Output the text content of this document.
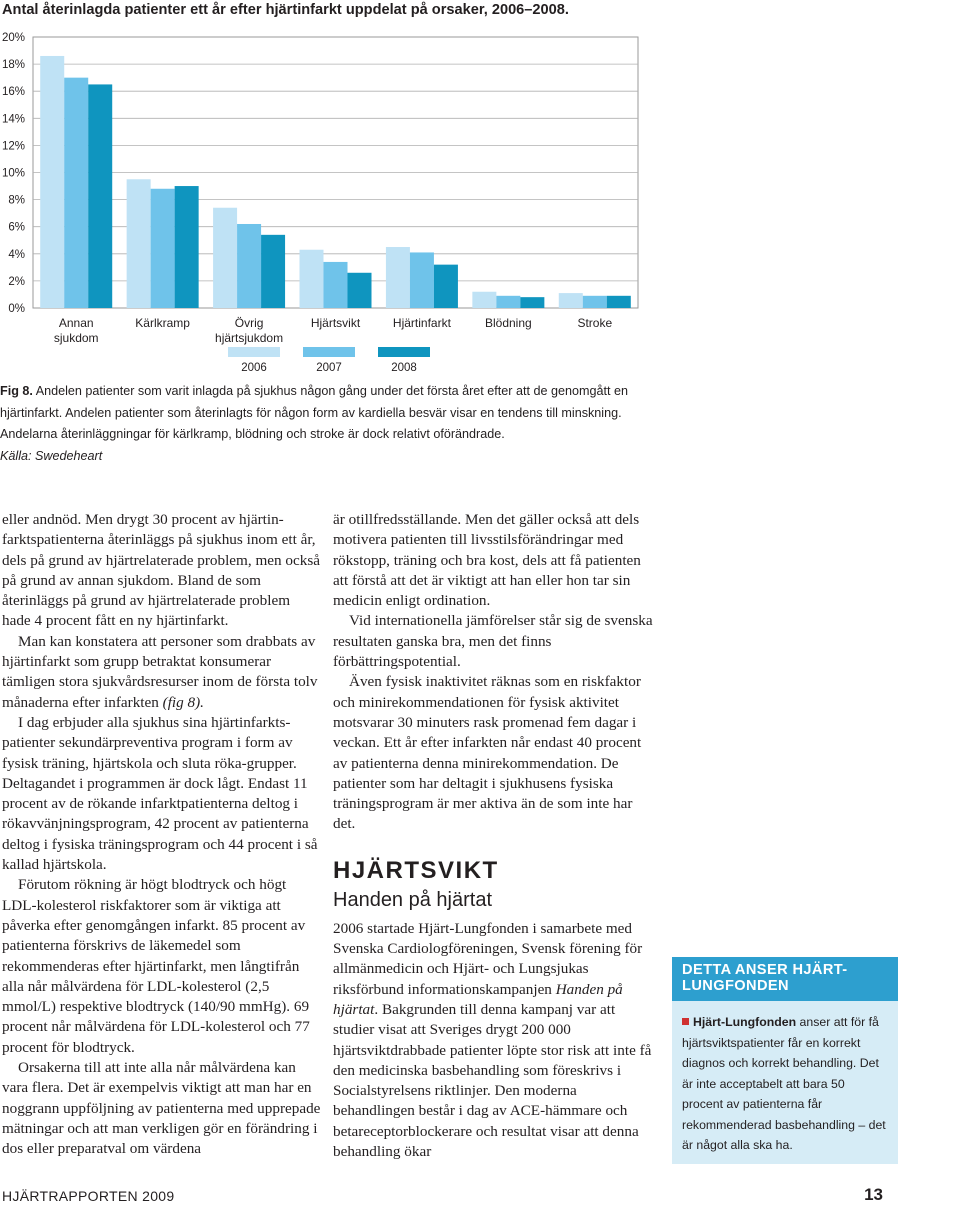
Antal återinlagda patienter ett år efter hjärtinfarkt uppdelat på orsaker, 2006–2008.
0%
2%
4%
6%
8%
10%
12%
14%
16%
18%
20%
Annan sjukdom
Kärlkramp	Övrig hjärtsjukdom
Hjärtsvikt	Hjärtinfarkt	Blödning	Stroke
2006	2007	2008
Fig 8. Andelen patienter som varit inlagda på sjukhus någon gång under det första året efter att de genomgått en hjärtinfarkt. Andelen patienter som återinlagts för någon form av kardiella besvär visar en tendens till minskning. Andelarna återinläggningar för kärlkramp, blödning och stroke är dock relativt oförändrade.
Källa: Swedeheart

eller andnöd. Men drygt 30 procent av hjärtinfarktspatienterna återinläggs på sjukhus inom ett år, dels på grund av hjärtrelaterade problem, men också på grund av annan sjukdom. Bland de som återinläggs på grund av hjärtrelaterade problem hade 4 procent fått en ny hjärtinfarkt.

Man kan konstatera att personer som drabbats av hjärtinfarkt som grupp betraktat konsumerar tämligen stora sjukvårdsresurser inom de första tolv månaderna efter infarkten (fig 8).

I dag erbjuder alla sjukhus sina hjärtinfarktspatienter sekundärpreventiva program i form av fysisk träning, hjärtskola och sluta röka-grupper. Deltagandet i programmen är dock lågt. Endast 11 procent av de rökande infarktpatienterna deltog i rökavvänjningsprogram, 42 procent av patienterna deltog i fysiska träningsprogram och 44 procent i så kallad hjärtskola.

Förutom rökning är högt blodtryck och högt LDL-kolesterol riskfaktorer som är viktiga att påverka efter genomgången infarkt. 85 procent av patienterna förskrivs de läkemedel som rekommenderas efter hjärtinfarkt, men långtifrån alla når målvärdena för LDL-kolesterol (2,5 mmol/L) respektive blodtryck (140/90 mmHg). 69 procent når målvärdena för LDL-kolesterol och 77 procent för blodtryck.

Orsakerna till att inte alla når målvärdena kan vara flera. Det är exempelvis viktigt att man har en noggrann uppföljning av patienterna med upprepade mätningar och att man verkligen gör en förändring i dos eller preparatval om värdena

är otillfredsställande. Men det gäller också att dels motivera patienten till livsstilsförändringar med rökstopp, träning och bra kost, dels att få patienten att förstå att det är viktigt att han eller hon tar sin medicin enligt ordination.

Vid internationella jämförelser står sig de svenska resultaten ganska bra, men det finns förbättringspotential.

Även fysisk inaktivitet räknas som en riskfaktor och minirekommendationen för fysisk aktivitet motsvarar 30 minuters rask promenad fem dagar i veckan. Ett år efter infarkten når endast 40 procent av patienterna denna minirekommendation. De patienter som har deltagit i sjukhusens fysiska träningsprogram är mer aktiva än de som inte har det.

HJÄRTSVIKT
Handen på hjärtat

2006 startade Hjärt-Lungfonden i samarbete med Svenska Cardiologföreningen, Svensk förening för allmänmedicin och Hjärt- och Lungsjukas riksförbund informationskampanjen Handen på hjärtat. Bakgrunden till denna kampanj var att studier visat att Sveriges drygt 200 000 hjärtsviktdrabbade patienter löpte stor risk att inte få den medicinska basbehandling som föreskrivs i Socialstyrelsens riktlinjer. Den moderna behandlingen består i dag av ACE-hämmare och betareceptorblockerare och resultat visar att denna behandling ökar

DETTA ANSER HJÄRT-LUNGFONDEN
Hjärt-Lungfonden anser att för få hjärtsviktspatienter får en korrekt diagnos och korrekt behandling. Det är inte acceptabelt att bara 50 procent av patienterna får rekommenderad basbehandling – det är något alla ska ha.
HJÄRTRAPPORTEN 2009	13
